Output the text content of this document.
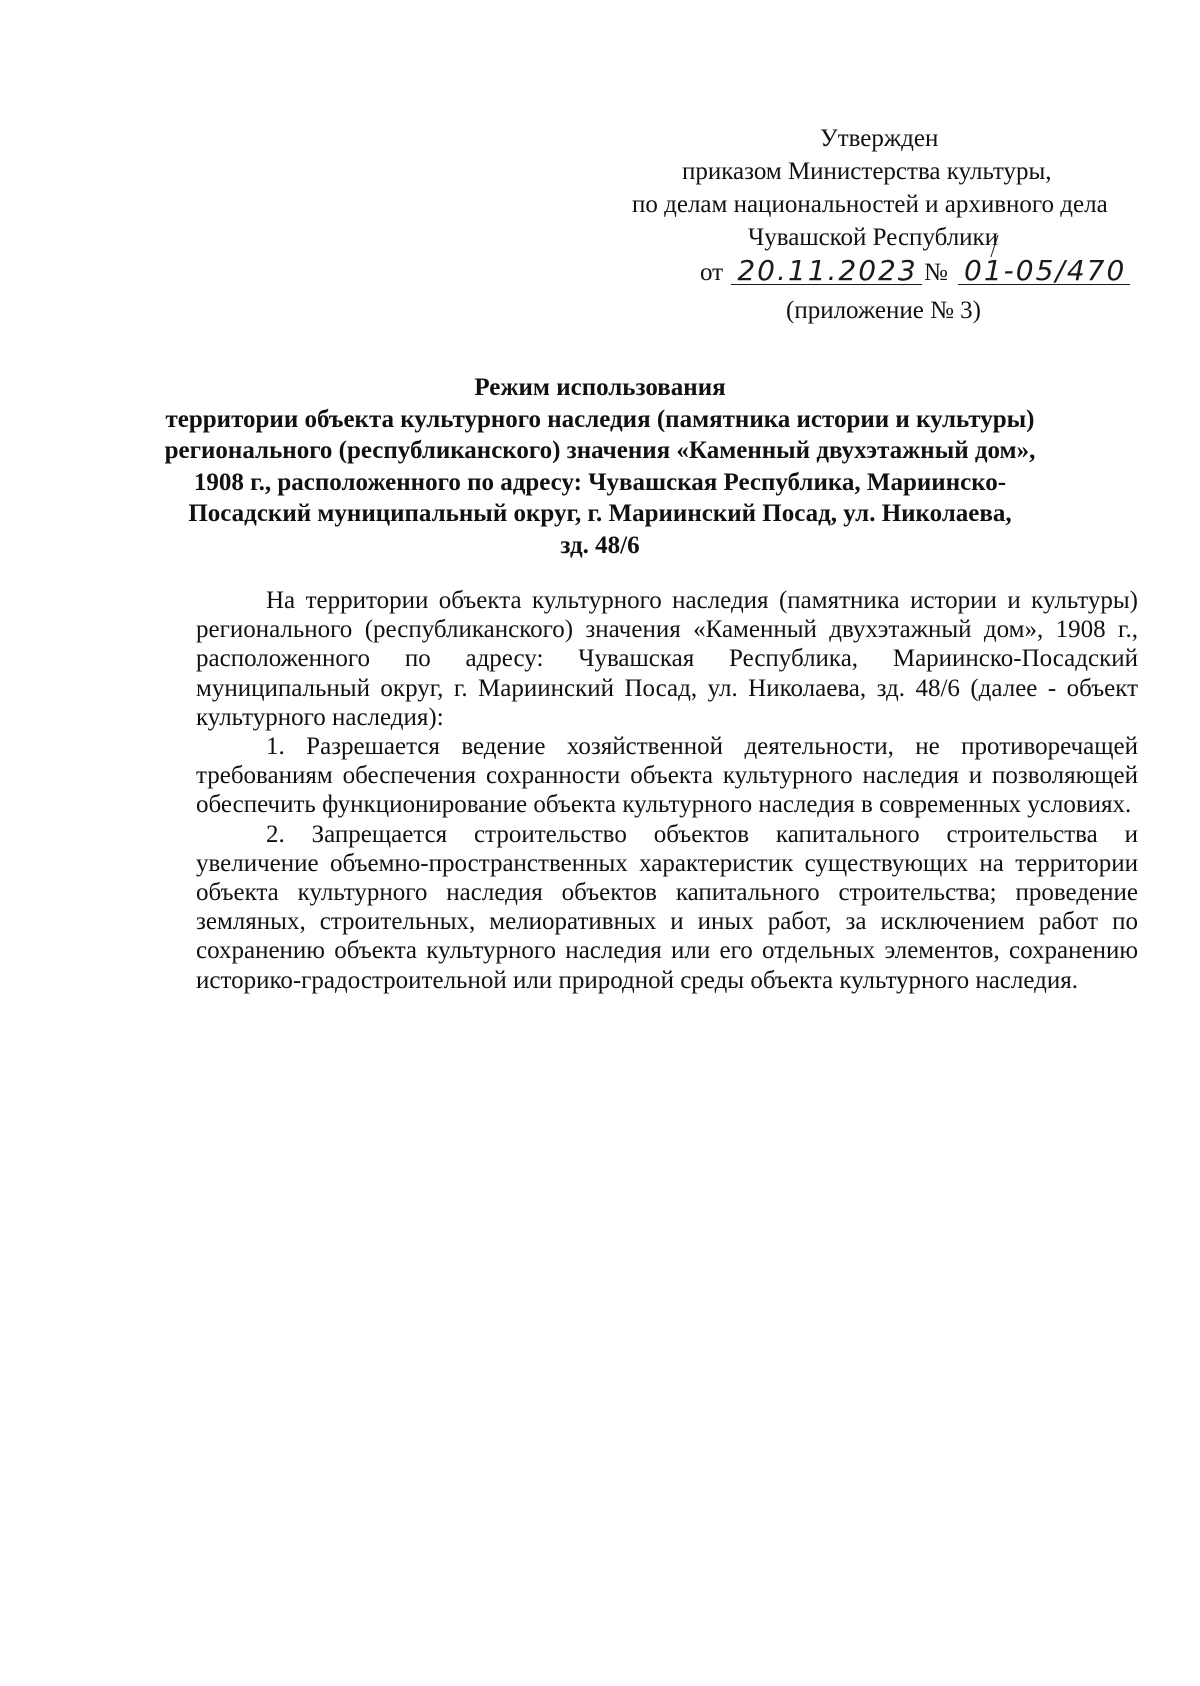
Утвержден
приказом Министерства культуры,
по делам национальностей и архивного дела
Чувашской Республики
от 20.11.2023 № 01-05/470
(приложение № 3)
Режим использования
территории объекта культурного наследия (памятника истории и культуры)
регионального (республиканского) значения «Каменный двухэтажный дом»,
1908 г., расположенного по адресу: Чувашская Республика, Мариинско-
Посадский муниципальный округ, г. Мариинский Посад, ул. Николаева,
зд. 48/6

На территории объекта культурного наследия (памятника истории и культуры) регионального (республиканского) значения «Каменный двухэтажный дом», 1908 г., расположенного по адресу: Чувашская Республика, Мариинско-Посадский муниципальный округ, г. Мариинский Посад, ул. Николаева, зд. 48/6 (далее - объект культурного наследия):

1. Разрешается ведение хозяйственной деятельности, не противоречащей требованиям обеспечения сохранности объекта культурного наследия и позволяющей обеспечить функционирование объекта культурного наследия в современных условиях.

2. Запрещается строительство объектов капитального строительства и увеличение объемно-пространственных характеристик существующих на территории объекта культурного наследия объектов капитального строительства; проведение земляных, строительных, мелиоративных и иных работ, за исключением работ по сохранению объекта культурного наследия или его отдельных элементов, сохранению историко-градостроительной или природной среды объекта культурного наследия.
